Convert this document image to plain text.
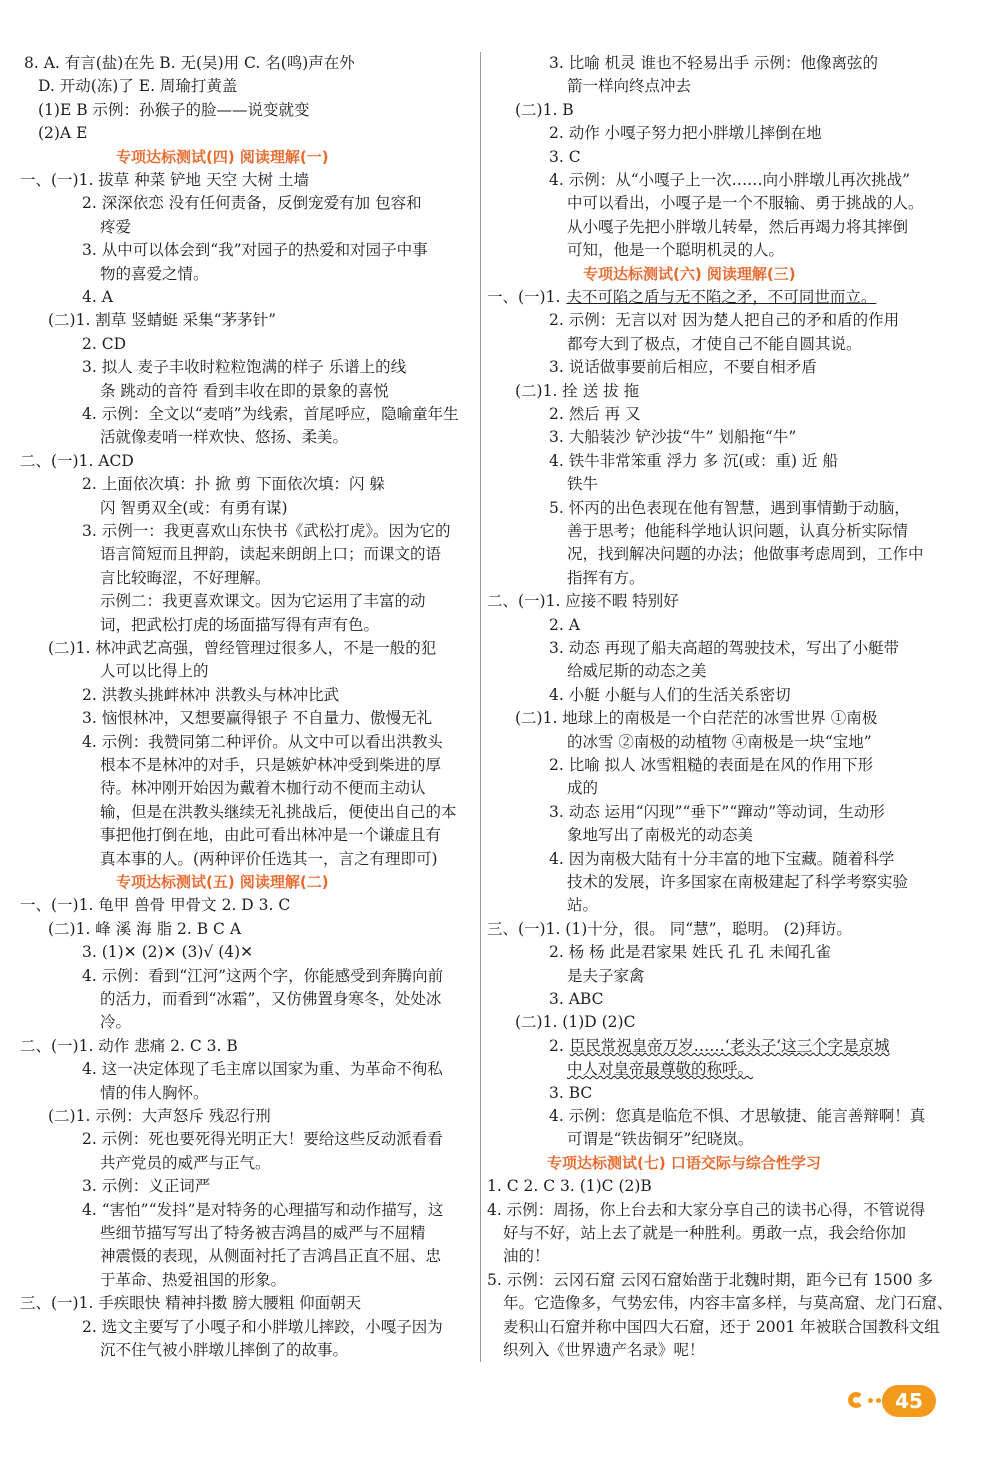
8. A. 有言(盐)在先 B. 无(吴)用 C. 名(鸣)声在外
D. 开动(冻)了 E. 周瑜打黄盖
(1)E B 示例：孙猴子的脸——说变就变
(2)A E
专项达标测试(四) 阅读理解(一)
一、(一)1. 拔草 种菜 铲地 天空 大树 土墙
2. 深深依恋 没有任何责备，反倒宠爱有加 包容和
疼爱
3. 从中可以体会到“我”对园子的热爱和对园子中事
物的喜爱之情。
4. A
(二)1. 割草 竖蜻蜓 采集“茅茅针”
2. CD
3. 拟人 麦子丰收时粒粒饱满的样子 乐谱上的线
条 跳动的音符 看到丰收在即的景象的喜悦
4. 示例：全文以“麦哨”为线索，首尾呼应，隐喻童年生
活就像麦哨一样欢快、悠扬、柔美。
二、(一)1. ACD
2. 上面依次填：扑 掀 剪 下面依次填：闪 躲
闪 智勇双全(或：有勇有谋)
3. 示例一：我更喜欢山东快书《武松打虎》。因为它的
语言简短而且押韵，读起来朗朗上口；而课文的语
言比较晦涩，不好理解。
示例二：我更喜欢课文。因为它运用了丰富的动
词，把武松打虎的场面描写得有声有色。
(二)1. 林冲武艺高强，曾经管理过很多人，不是一般的犯
人可以比得上的
2. 洪教头挑衅林冲 洪教头与林冲比武
3. 恼恨林冲，又想要赢得银子 不自量力、傲慢无礼
4. 示例：我赞同第二种评价。从文中可以看出洪教头
根本不是林冲的对手，只是嫉妒林冲受到柴进的厚
待。林冲刚开始因为戴着木枷行动不便而主动认
输，但是在洪教头继续无礼挑战后，便使出自己的本
事把他打倒在地，由此可看出林冲是一个谦虚且有
真本事的人。(两种评价任选其一，言之有理即可)
专项达标测试(五) 阅读理解(二)
一、(一)1. 龟甲 兽骨 甲骨文 2. D 3. C
(二)1. 峰 溪 海 脂 2. B C A
3. (1)✕ (2)✕ (3)√ (4)✕
4. 示例：看到“江河”这两个字，你能感受到奔腾向前
的活力，而看到“冰霜”，又仿佛置身寒冬，处处冰
冷。
二、(一)1. 动作 悲痛 2. C 3. B
4. 这一决定体现了毛主席以国家为重、为革命不徇私
情的伟人胸怀。
(二)1. 示例：大声怒斥 残忍行刑
2. 示例：死也要死得光明正大！要给这些反动派看看
共产党员的威严与正气。
3. 示例：义正词严
4. “害怕”“发抖”是对特务的心理描写和动作描写，这
些细节描写写出了特务被吉鸿昌的威严与不屈精
神震慑的表现，从侧面衬托了吉鸿昌正直不屈、忠
于革命、热爱祖国的形象。
三、(一)1. 手疾眼快 精神抖擞 膀大腰粗 仰面朝天
2. 选文主要写了小嘎子和小胖墩儿摔跤，小嘎子因为
沉不住气被小胖墩儿摔倒了的故事。
3. 比喻 机灵 谁也不轻易出手 示例：他像离弦的
箭一样向终点冲去
(二)1. B
2. 动作 小嘎子努力把小胖墩儿摔倒在地
3. C
4. 示例：从“小嘎子上一次……向小胖墩儿再次挑战”
中可以看出，小嘎子是一个不服输、勇于挑战的人。
从小嘎子先把小胖墩儿转晕，然后再竭力将其摔倒
可知，他是一个聪明机灵的人。
专项达标测试(六) 阅读理解(三)
一、(一)1. 夫不可陷之盾与无不陷之矛，不可同世而立。
2. 示例：无言以对 因为楚人把自己的矛和盾的作用
都夸大到了极点，才使自己不能自圆其说。
3. 说话做事要前后相应，不要自相矛盾
(二)1. 拴 送 拔 拖
2. 然后 再 又
3. 大船装沙 铲沙拔“牛” 划船拖“牛”
4. 铁牛非常笨重 浮力 多 沉(或：重) 近 船
铁牛
5. 怀丙的出色表现在他有智慧，遇到事情勤于动脑，
善于思考；他能科学地认识问题，认真分析实际情
况，找到解决问题的办法；他做事考虑周到，工作中
指挥有方。
二、(一)1. 应接不暇 特别好
2. A
3. 动态 再现了船夫高超的驾驶技术，写出了小艇带
给威尼斯的动态之美
4. 小艇 小艇与人们的生活关系密切
(二)1. 地球上的南极是一个白茫茫的冰雪世界 ①南极
的冰雪 ②南极的动植物 ④南极是一块“宝地”
2. 比喻 拟人 冰雪粗糙的表面是在风的作用下形
成的
3. 动态 运用“闪现”“垂下”“蹿动”等动词，生动形
象地写出了南极光的动态美
4. 因为南极大陆有十分丰富的地下宝藏。随着科学
技术的发展，许多国家在南极建起了科学考察实验
站。
三、(一)1. (1)十分，很。 同“慧”，聪明。 (2)拜访。
2. 杨 杨 此是君家果 姓氏 孔 孔 未闻孔雀
是夫子家禽
3. ABC
(二)1. (1)D (2)C
2. 臣民常祝皇帝万岁……‘老头子’这三个字是京城
中人对皇帝最尊敬的称呼。
3. BC
4. 示例：您真是临危不惧、才思敏捷、能言善辩啊！真
可谓是“铁齿铜牙”纪晓岚。
专项达标测试(七) 口语交际与综合性学习
1. C 2. C 3. (1)C (2)B
4. 示例：周扬，你上台去和大家分享自己的读书心得，不管说得
好与不好，站上去了就是一种胜利。勇敢一点，我会给你加
油的！
5. 示例：云冈石窟 云冈石窟始凿于北魏时期，距今已有 1500 多
年。它造像多，气势宏伟，内容丰富多样，与莫高窟、龙门石窟、
麦积山石窟并称中国四大石窟，还于 2001 年被联合国教科文组
织列入《世界遗产名录》呢！
45
